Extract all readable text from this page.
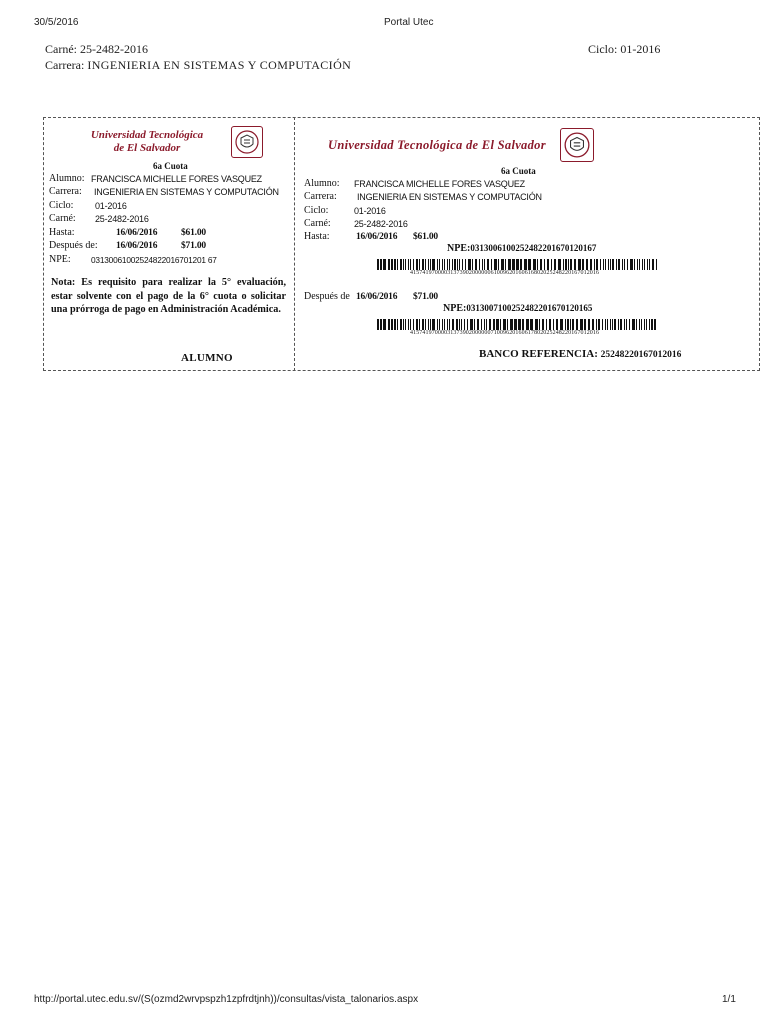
30/5/2016	Portal Utec
Carné: 25-2482-2016	Ciclo: 01-2016
Carrera: INGENIERIA EN SISTEMAS Y COMPUTACIÓN
Universidad Tecnológica
de El Salvador
6a Cuota
Alumno: FRANCISCA MICHELLE FORES VASQUEZ
Carrera: INGENIERIA EN SISTEMAS Y COMPUTACIÓN
Ciclo: 01-2016
Carné: 25-2482-2016
Hasta:	16/06/2016 $61.00
Después de: 16/06/2016 $71.00
NPE: 03130061002524822016701201 67
Nota: Es requisito para realizar la 5° evaluación, estar solvente con el pago de la 6° cuota o solicitar una prórroga de pago en Administración Académica.
ALUMNO
Universidad Tecnológica de El Salvador
6a Cuota
Alumno: FRANCISCA MICHELLE FORES VASQUEZ
Carrera: INGENIERIA EN SISTEMAS Y COMPUTACIÓN
Ciclo:	01-2016
Carné:	25-2482-2016
Hasta:	16/06/2016 $61.00
NPE:0313006100252482201670120167
4157419700003137390200000061009620160616802025248220167012016
Después de 16/06/2016 $71.00
NPE:0313007100252482201670120165
4157419700003137390200000071009620160617802025248220167012016
BANCO REFERENCIA: 25248220167012016
http://portal.utec.edu.sv/(S(ozmd2wrvpspzh1zpfrdtjnh))/consultas/vista_talonarios.aspx	1/1
